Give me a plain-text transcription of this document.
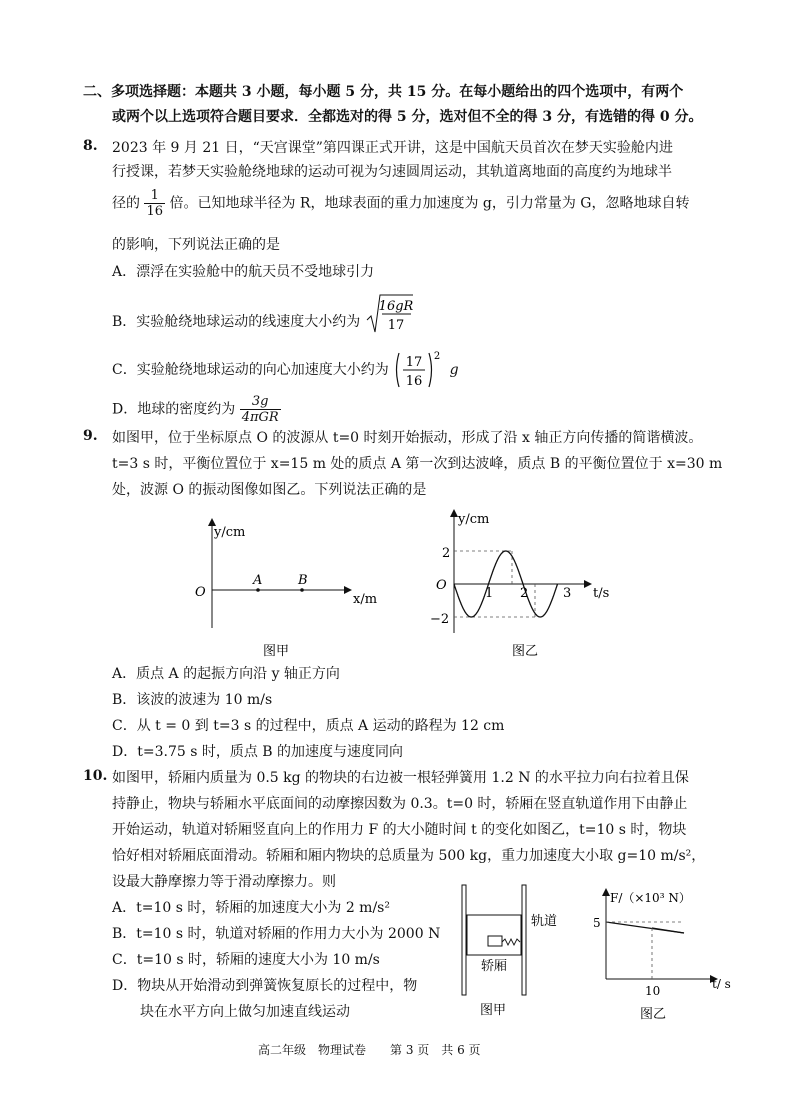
二、多项选择题：本题共 3 小题，每小题 5 分，共 15 分。在每小题给出的四个选项中，有两个
或两个以上选项符合题目要求．全都选对的得 5 分，选对但不全的得 3 分，有选错的得 0 分。
8. 2023 年 9 月 21 日，“天宫课堂”第四课正式开讲，这是中国航天员首次在梦天实验舱内进
行授课，若梦天实验舱绕地球的运动可视为匀速圆周运动，其轨道离地面的高度约为地球半
径的 $\frac{1}{16}$ 倍。已知地球半径为 R，地球表面的重力加速度为 g，引力常量为 G，忽略地球自转
的影响，下列说法正确的是
A．漂浮在实验舱中的航天员不受地球引力
B．实验舱绕地球运动的线速度大小约为
16gR
17
C．实验舱绕地球运动的向心加速度大小约为 17
16
2
g
D．地球的密度约为 $\frac{3g}{\text{4πGR}}$
9. 如图甲，位于坐标原点 O 的波源从 t=0 时刻开始振动，形成了沿 x 轴正方向传播的简谐横波。
t=3 s 时，平衡位置位于 x=15 m 处的质点 A 第一次到达波峰，质点 B 的平衡位置位于 x=30 m
处，波源 O 的振动图像如图乙。下列说法正确的是
y/cm
x/m
O
A	B
图甲
y/cm
t/s
O
2
−2
1 2	3
图乙
A．质点 A 的起振方向沿 y 轴正方向
B．该波的波速为 10 m/s
C．从 t = 0 到 t=3 s 的过程中，质点 A 运动的路程为 12 cm
D．t=3.75 s 时，质点 B 的加速度与速度同向
10. 如图甲，轿厢内质量为 0.5 kg 的物块的右边被一根轻弹簧用 1.2 N 的水平拉力向右拉着且保
持静止，物块与轿厢水平底面间的动摩擦因数为 0.3。t=0 时，轿厢在竖直轨道作用下由静止
开始运动，轨道对轿厢竖直向上的作用力 F 的大小随时间 t 的变化如图乙，t=10 s 时，物块
恰好相对轿厢底面滑动。轿厢和厢内物块的总质量为 500 kg，重力加速度大小取 g=10 m/s²，
设最大静摩擦力等于滑动摩擦力。则
A．t=10 s 时，轿厢的加速度大小为 2 m/s²
B．t=10 s 时，轨道对轿厢的作用力大小为 2000 N
C．t=10 s 时，轿厢的速度大小为 10 m/s
D．物块从开始滑动到弹簧恢复原长的过程中，物
块在水平方向上做匀加速直线运动
轨道
轿厢
图甲
F/（×10³ N）
t/ s
5
10
图乙
高二年级　物理试卷　　第 3 页　共 6 页
